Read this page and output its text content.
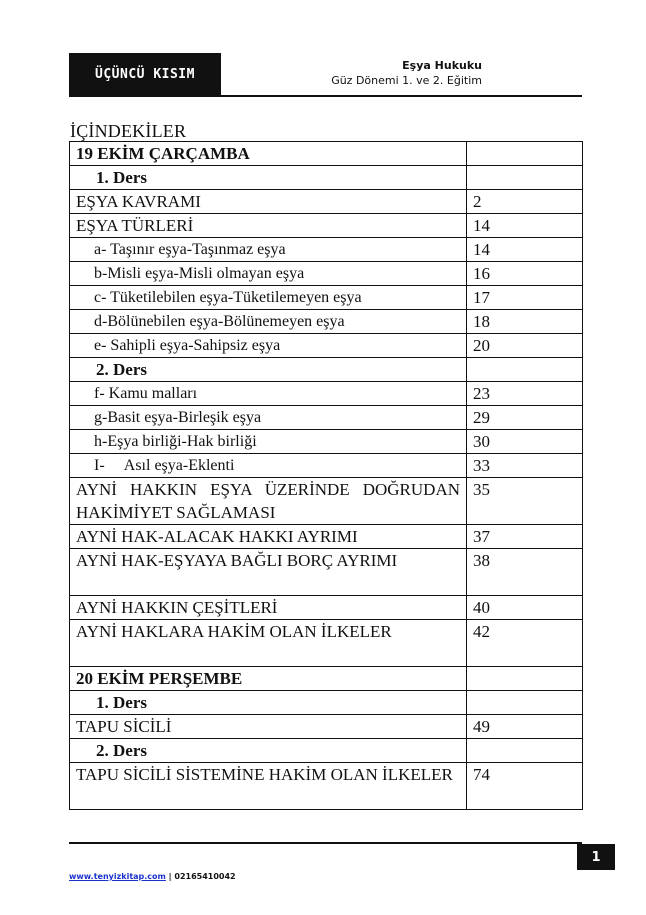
ÜÇÜNCÜ KISIM
Eşya Hukuku
Güz Dönemi 1. ve 2. Eğitim
İÇİNDEKİLER
19 EKİM ÇARÇAMBA	
1. Ders	
EŞYA KAVRAMI	2
EŞYA TÜRLERİ	14
a- Taşınır eşya-Taşınmaz eşya	14
b-Misli eşya-Misli olmayan eşya	16
c- Tüketilebilen eşya-Tüketilemeyen eşya	17
d-Bölünebilen eşya-Bölünemeyen eşya	18
e- Sahipli eşya-Sahipsiz eşya	20
2. Ders	
f- Kamu malları	23
g-Basit eşya-Birleşik eşya	29
h-Eşya birliği-Hak birliği	30
I-     Asıl eşya-Eklenti	33
AYNİ HAKKIN EŞYA ÜZERİNDE DOĞRUDAN HAKİMİYET SAĞLAMASI	35
AYNİ HAK-ALACAK HAKKI AYRIMI	37
AYNİ HAK-EŞYAYA BAĞLI BORÇ AYRIMI	38
AYNİ HAKKIN ÇEŞİTLERİ	40
AYNİ HAKLARA HAKİM OLAN İLKELER	42
20 EKİM PERŞEMBE	
1. Ders	
TAPU SİCİLİ	49
2. Ders	
TAPU SİCİLİ SİSTEMİNE HAKİM OLAN İLKELER	74
1
www.tenyizkitap.com | 02165410042
